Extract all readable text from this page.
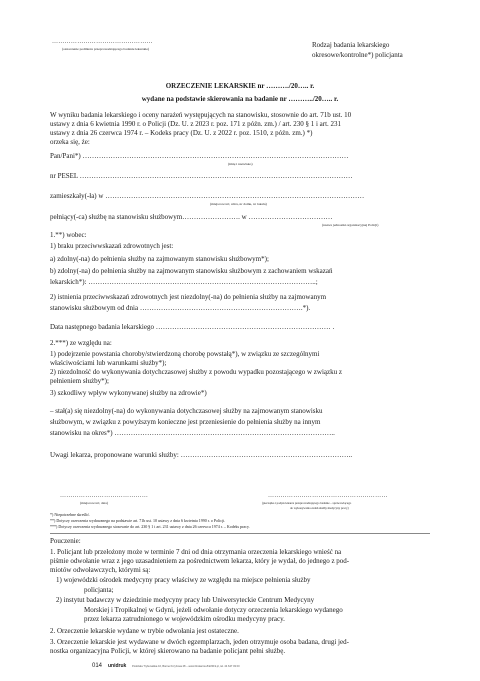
…………………………………………
(oznaczenie podmiotu przeprowadzającego badanie lekarskie)	Rodzaj badania lekarskiego
okresowe/kontrolne*) policjanta
ORZECZENIE LEKARSKIE nr ………./20….. r.
wydane na podstawie skierowania na badanie nr ………../20….. r.
W wyniku badania lekarskiego i oceny narażeń występujących na stanowisku, stosownie do art. 71b ust. 10
ustawy z dnia 6 kwietnia 1990 r. o Policji (Dz. U. z 2023 r. poz. 171 z późn. zm.) / art. 230 § 1 i art. 231
ustawy z dnia 26 czerwca 1974 r. – Kodeks pracy (Dz. U. z 2022 r. poz. 1510, z późn. zm.) *)
orzeka się, że:
Pan/Pani*) ……………………………………………………………………………………………………
(imię i nazwisko)
nr PESEL ………………………………………………………………………………………………………
zamieszkały(-ła) w …………………………………………………………………………………………………
(miejscowość, ulica, nr domu, nr lokalu)
pełniący(-ca) służbę na stanowisku służbowym……………………. w ………………………………
(nazwa jednostki organizacyjnej Policji)
1.**) wobec:
1) braku przeciwwskazań zdrowotnych jest:
a) zdolny(-na) do pełnienia służby na zajmowanym stanowisku służbowym*);
b) zdolny(-na) do pełnienia służby na zajmowanym stanowisku służbowym z zachowaniem wskazań
lekarskich*): ……………………………………………………………………………………..;
2) istnienia przeciwwskazań zdrowotnych jest niezdolny(-na) do pełnienia służby na zajmowanym
stanowisku służbowym od dnia …………………………………………………………….*).
Data następnego badania lekarskiego ………………………………………………………………… .
2.***) ze względu na:
1) podejrzenie powstania choroby/stwierdzoną chorobę powstałą*), w związku ze szczególnymi
właściwościami lub warunkami służby*);
2) niezdolność do wykonywania dotychczasowej służby z powodu wypadku pozostającego w związku z
pełnieniem służby*);
3) szkodliwy wpływ wykonywanej służby na zdrowie*)
– stał(a) się niezdolny(-na) do wykonywania dotychczasowej służby na zajmowanym stanowisku
służbowym, w związku z powyższym konieczne jest przeniesienie do pełnienia służby na innym
stanowisku na okres*) …………………………………………………………………………………..
Uwagi lekarza, proponowane warunki służby: ………………………………………………………………..
……………………………………
(miejscowość, data)
…………………………………………………
(pieczątka i podpis lekarza przeprowadzającego badanie – sprawowiącego
do wykonywania zadań służby medycyny pracy)
*) Niepotrzebne skreślić.
**) Dotyczy orzeczenia wydawanego na podstawie art. 71b ust. 10 ustawy z dnia 6 kwietnia 1990 r. o Policji.
***) Dotyczy orzeczenia wydawanego stosownie do art. 230 § 1 i art. 231 ustawy z dnia 26 czerwca 1974 r. – Kodeks pracy.
Pouczenie:
1. Policjant lub przełożony może w terminie 7 dni od dnia otrzymania orzeczenia lekarskiego wnieść na
piśmie odwołanie wraz z jego uzasadnieniem za pośrednictwem lekarza, który je wydał, do jednego z pod-
miotów odwoławczych, którymi są:
1) wojewódzki ośrodek medycyny pracy właściwy ze względu na miejsce pełnienia służby
policjanta;
2) instytut badawczy w dziedzinie medycyny pracy lub Uniwersyteckie Centrum Medycyny
Morskiej i Tropikalnej w Gdyni, jeżeli odwołanie dotyczy orzeczenia lekarskiego wydanego
przez lekarza zatrudnionego w wojewódzkim ośrodku medycyny pracy.
2. Orzeczenie lekarskie wydane w trybie odwołania jest ostateczne.
3. Orzeczenie lekarskie jest wydawane w dwóch egzemplarzach, jeden otrzymuje osoba badana, drugi jed-
nostka organizacyjna Policji, w której skierowano na badanie policjant pełni służbę.
014 unidruk Podolska Trybunalska 16, Bierne Krzyżowa 28 – www.Drukarnie-84/2019.pl, tel. 44 647 03 00
